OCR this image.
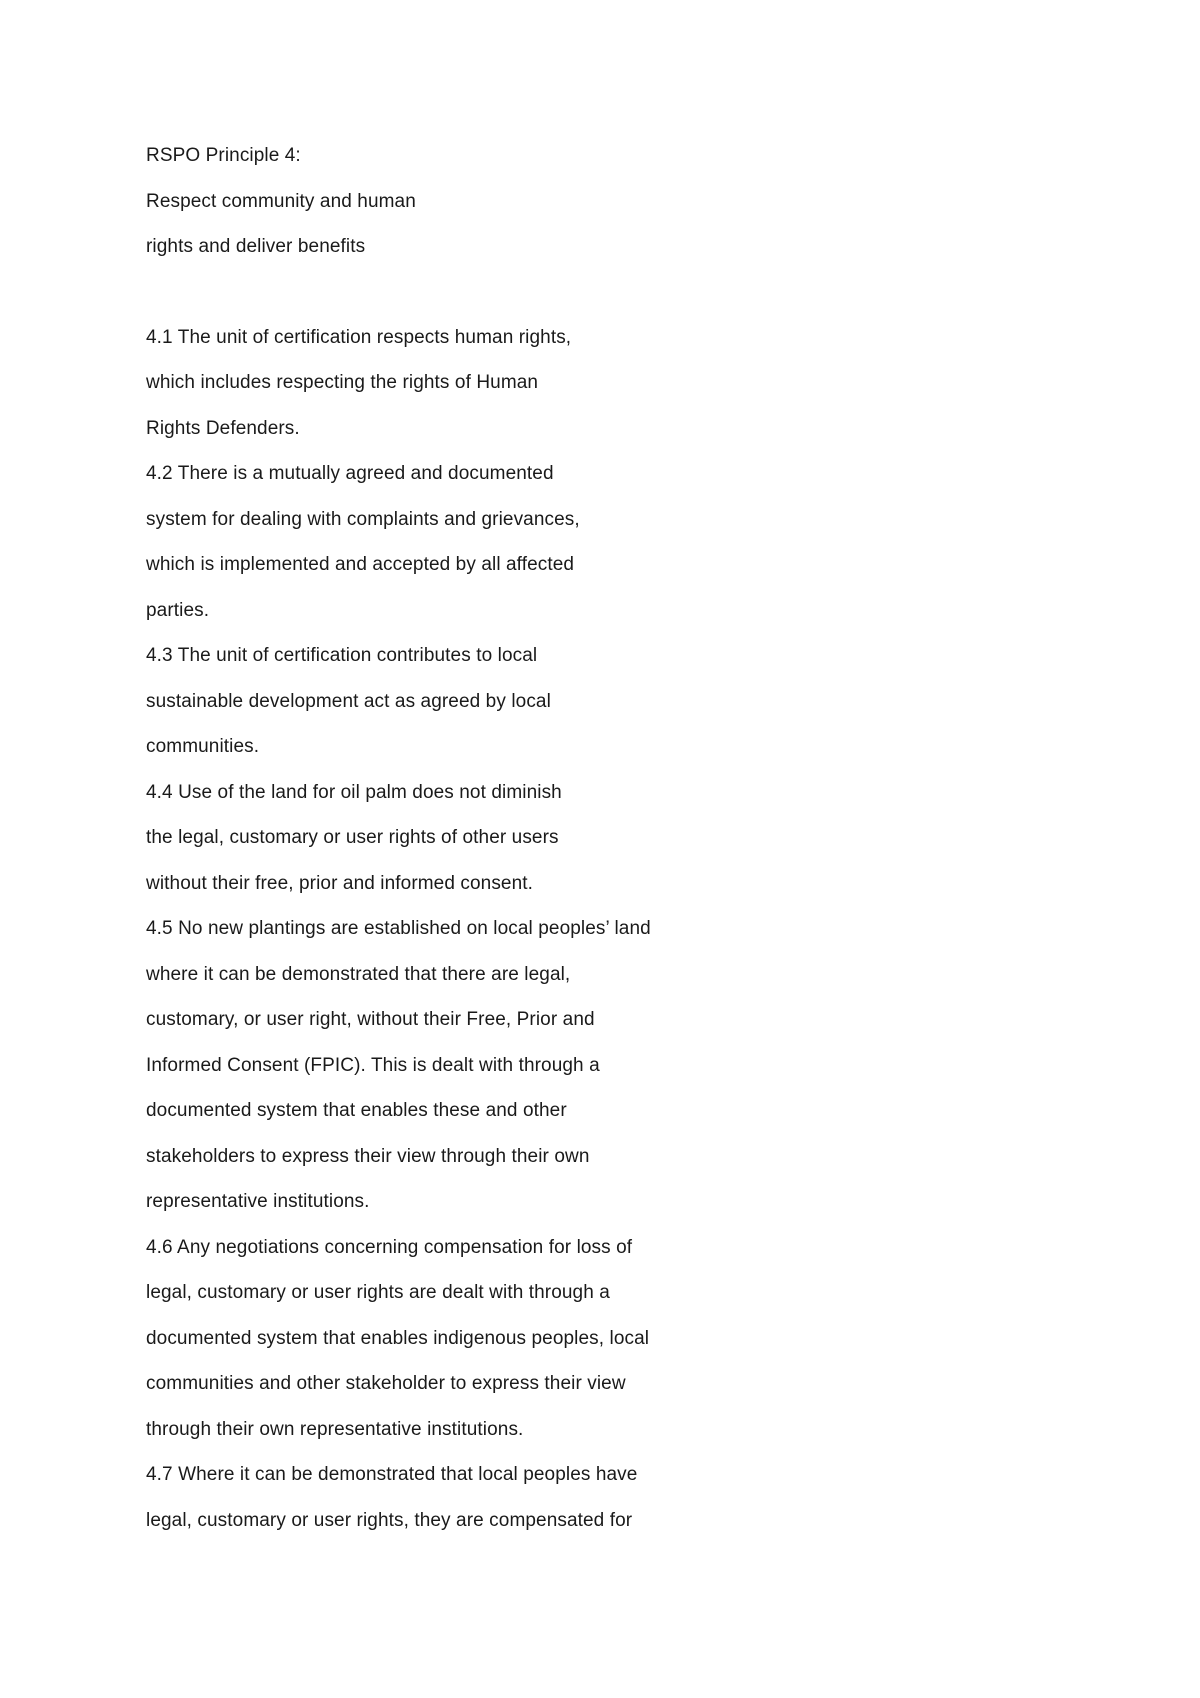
RSPO Principle 4:
Respect community and human
rights and deliver benefits
4.1 The unit of certification respects human rights,
which includes respecting the rights of Human
Rights Defenders.
4.2 There is a mutually agreed and documented
system for dealing with complaints and grievances,
which is implemented and accepted by all affected
parties.
4.3 The unit of certification contributes to local
sustainable development act as agreed by local
communities.
4.4 Use of the land for oil palm does not diminish
the legal, customary or user rights of other users
without their free, prior and informed consent.
4.5 No new plantings are established on local peoples’ land
where it can be demonstrated that there are legal,
customary, or user right, without their Free, Prior and
Informed Consent (FPIC). This is dealt with through a
documented system that enables these and other
stakeholders to express their view through their own
representative institutions.
4.6 Any negotiations concerning compensation for loss of
legal, customary or user rights are dealt with through a
documented system that enables indigenous peoples, local
communities and other stakeholder to express their view
through their own representative institutions.
4.7 Where it can be demonstrated that local peoples have
legal, customary or user rights, they are compensated for
